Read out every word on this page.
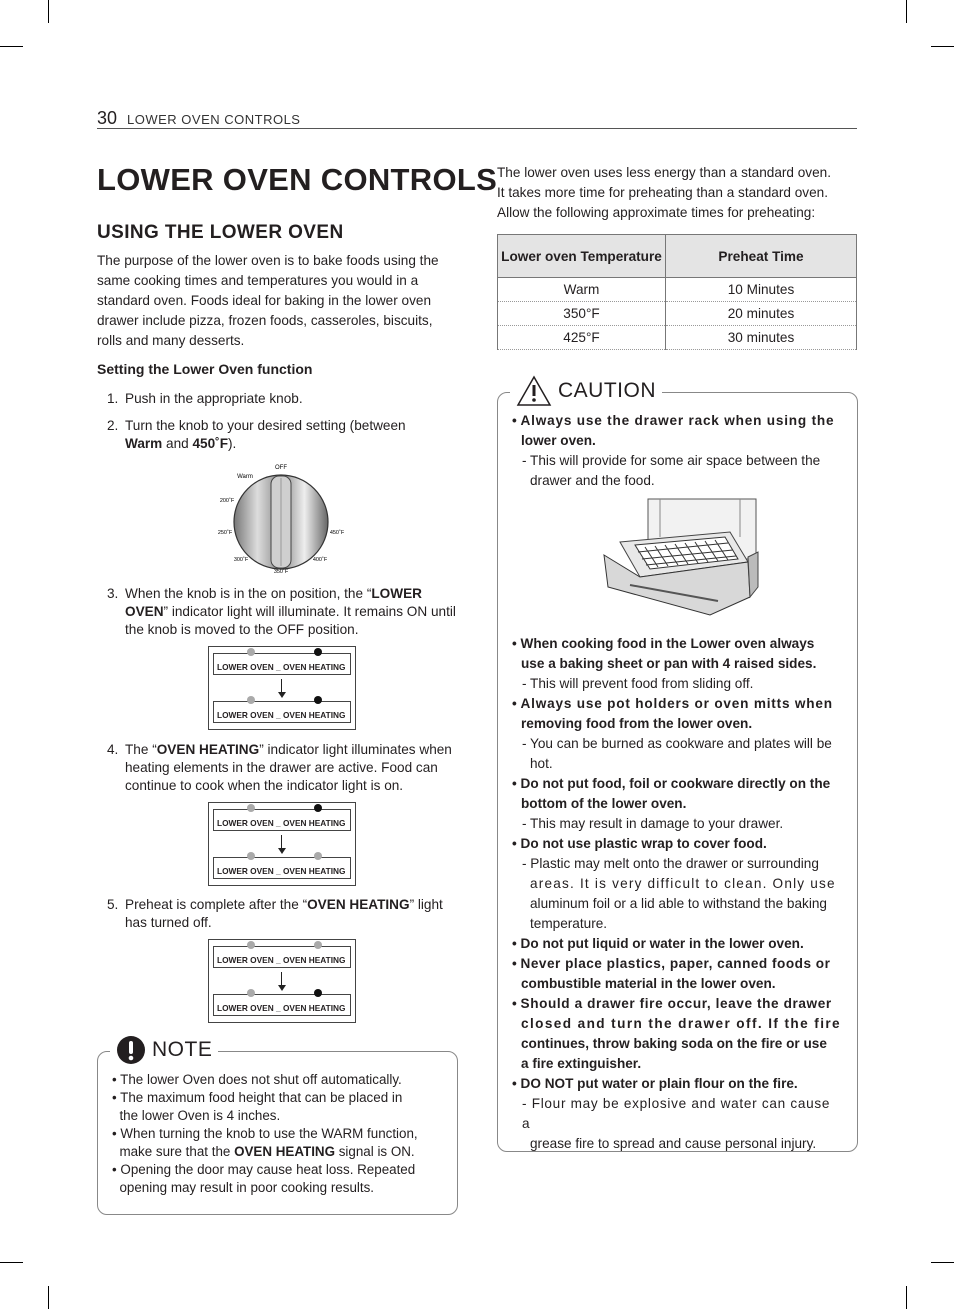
30 LOWER OVEN CONTROLS
LOWER OVEN CONTROLS
USING THE LOWER OVEN
The purpose of the lower oven is to bake foods using the
same cooking times and temperatures you would in a
standard oven. Foods ideal for baking in the lower oven
drawer include pizza, frozen foods, casseroles, biscuits,
rolls and many desserts.
Setting the Lower Oven function
1. Push in the appropriate knob.
2. Turn the knob to your desired setting (between
Warm and 450˚F).
OFF
Warm
200˚F
250˚F
300˚F
350˚F
400˚F
450˚F
3. When the knob is in the on position, the “LOWER OVEN” indicator light will illuminate. It remains ON until the knob is moved to the OFF position.
LOWER OVEN _ OVEN HEATING
LOWER OVEN _ OVEN HEATING
4. The “OVEN HEATING” indicator light illuminates when heating elements in the drawer are active. Food can continue to cook when the indicator light is on.
LOWER OVEN _ OVEN HEATING
LOWER OVEN _ OVEN HEATING
5. Preheat is complete after the “OVEN HEATING” light has turned off.
LOWER OVEN _ OVEN HEATING
LOWER OVEN _ OVEN HEATING
NOTE
• The lower Oven does not shut off automatically.
• The maximum food height that can be placed in
the lower Oven is 4 inches.
• When turning the knob to use the WARM function,
make sure that the OVEN HEATING signal is ON.
• Opening the door may cause heat loss. Repeated
opening may result in poor cooking results.
The lower oven uses less energy than a standard oven.
It takes more time for preheating than a standard oven.
Allow the following approximate times for preheating:
Lower oven Temperature	Preheat Time
Warm	10 Minutes
350°F	20 minutes
425°F	30 minutes
CAUTION
• Always use the drawer rack when using the
lower oven.
- This will provide for some air space between the
drawer and the food.
• When cooking food in the Lower oven always
use a baking sheet or pan with 4 raised sides.
- This will prevent food from sliding off.
• Always use pot holders or oven mitts when
removing food from the lower oven.
- You can be burned as cookware and plates will be
hot.
• Do not put food, foil or cookware directly on the
bottom of the lower oven.
- This may result in damage to your drawer.
• Do not use plastic wrap to cover food.
- Plastic may melt onto the drawer or surrounding
areas. It is very difficult to clean. Only use
aluminum foil or a lid able to withstand the baking
temperature.
• Do not put liquid or water in the lower oven.
• Never place plastics, paper, canned foods or
combustible material in the lower oven.
• Should a drawer fire occur, leave the drawer
closed and turn the drawer off. If the fire
continues, throw baking soda on the fire or use
a fire extinguisher.
• DO NOT put water or plain flour on the fire.
- Flour may be explosive and water can cause a
grease fire to spread and cause personal injury.
